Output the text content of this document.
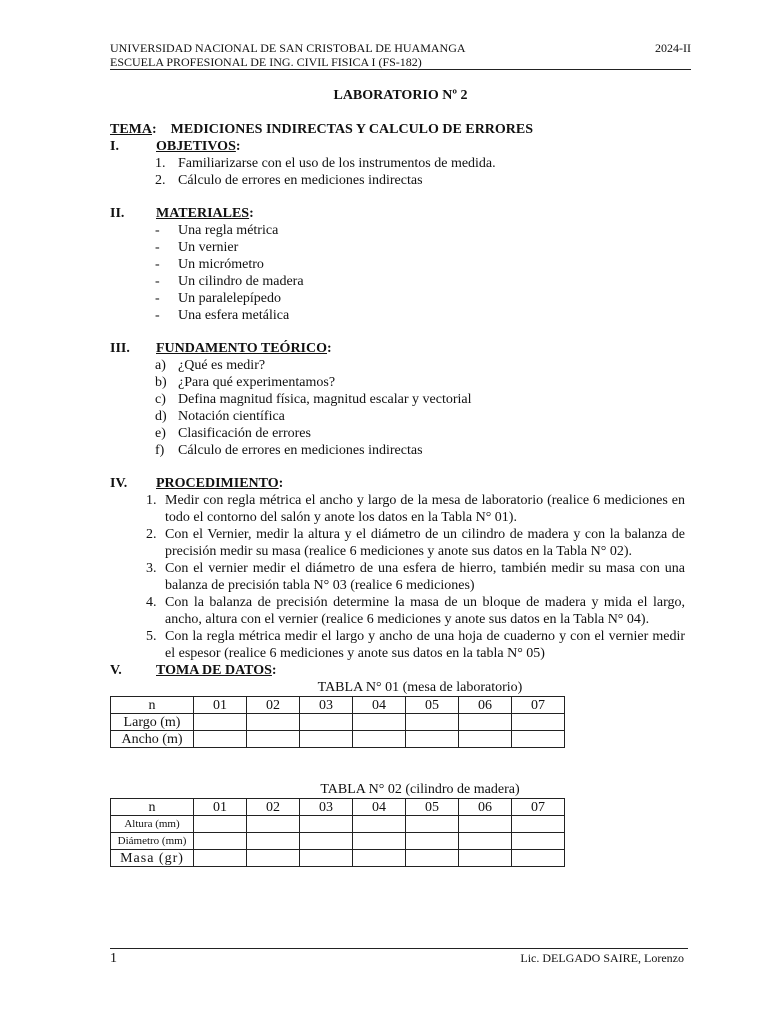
UNIVERSIDAD NACIONAL DE SAN CRISTOBAL DE HUAMANGA	2024-II
ESCUELA PROFESIONAL DE ING. CIVIL FISICA I (FS-182)
LABORATORIO Nº 2
TEMA: MEDICIONES INDIRECTAS Y CALCULO DE ERRORES
I.	OBJETIVOS:
1. Familiarizarse con el uso de los instrumentos de medida.
2. Cálculo de errores en mediciones indirectas
II.	MATERIALES:
-	Una regla métrica
-	Un vernier
-	Un micrómetro
-	Un cilindro de madera
-	Un paralelepípedo
-	Una esfera metálica
III.	FUNDAMENTO TEÓRICO:
a) ¿Qué es medir?
b) ¿Para qué experimentamos?
c) Defina magnitud física, magnitud escalar y vectorial
d) Notación científica
e) Clasificación de errores
f) Cálculo de errores en mediciones indirectas
IV.	PROCEDIMIENTO:
1. Medir con regla métrica el ancho y largo de la mesa de laboratorio (realice 6 mediciones en todo el contorno del salón y anote los datos en la Tabla N° 01).
2. Con el Vernier, medir la altura y el diámetro de un cilindro de madera y con la balanza de precisión medir su masa (realice 6 mediciones y anote sus datos en la Tabla N° 02).
3. Con el vernier medir el diámetro de una esfera de hierro, también medir su masa con una balanza de precisión tabla N° 03 (realice 6 mediciones)
4. Con la balanza de precisión determine la masa de un bloque de madera y mida el largo, ancho, altura con el vernier (realice 6 mediciones y anote sus datos en la Tabla N° 04).
5. Con la regla métrica medir el largo y ancho de una hoja de cuaderno y con el vernier medir el espesor (realice 6 mediciones y anote sus datos en la tabla N° 05)
V.	TOMA DE DATOS:
TABLA N° 01 (mesa de laboratorio)
n	01	02	03	04	05	06	07
Largo (m)							
Ancho (m)							
TABLA N° 02 (cilindro de madera)
n	01	02	03	04	05	06	07
Altura (mm)							
Diámetro (mm)							
Masa (gr)							
1	Lic. DELGADO SAIRE, Lorenzo
